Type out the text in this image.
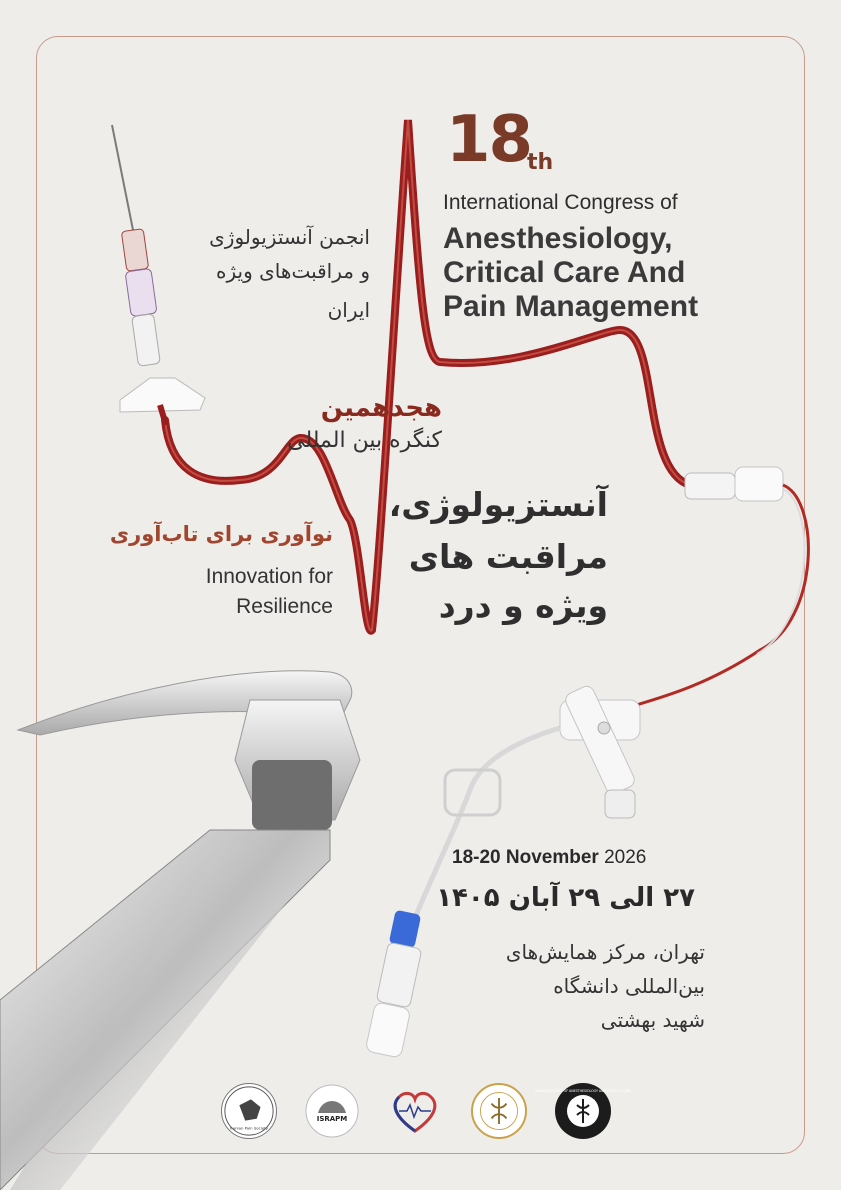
18
th
International Congress of
Anesthesiology,
Critical Care And
Pain Management
انجمن آنستزیولوژی
و مراقبت‌های ویژه
ایران
هجدهمین
کنگره بین المللی
آنستزیولوژی،
مراقبت های
ویژه و درد
نوآوری برای تاب‌آوری
Innovation for
Resilience
18-20 November 2026
۲۷ الی ۲۹ آبان ۱۴۰۵
تهران، مرکز همایش‌های
بین‌المللی دانشگاه
شهید بهشتی
Iranian Pain Society
ISRAPM
IRANIAN SOCIETY OF ANESTHESIOLOGY AND CRITICAL CARE
